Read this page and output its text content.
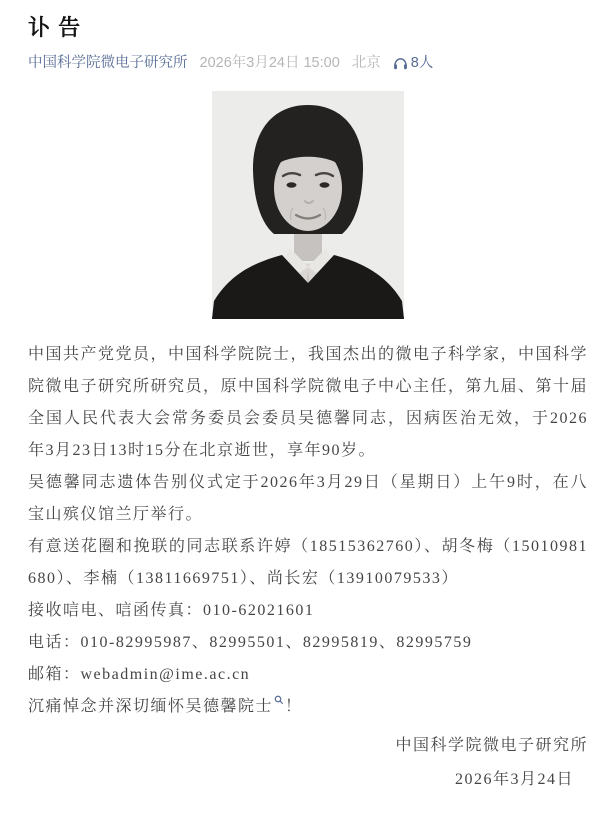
讣 告
中国科学院微电子研究所 2026年3月24日 15:00 北京 8人

中国共产党党员，中国科学院院士，我国杰出的微电子科学家，中国科学院微电子研究所研究员，原中国科学院微电子中心主任，第九届、第十届全国人民代表大会常务委员会委员吴德馨同志，因病医治无效，于2026年3月23日13时15分在北京逝世，享年90岁。

吴德馨同志遗体告别仪式定于2026年3月29日（星期日）上午9时，在八宝山殡仪馆兰厅举行。

有意送花圈和挽联的同志联系许婷（18515362760）、胡冬梅（15010981680）、李楠（13811669751）、尚长宏（13910079533）

接收唁电、唁函传真：010-62021601

电话：010-82995987、82995501、82995819、82995759

邮箱：webadmin@ime.ac.cn

沉痛悼念并深切缅怀吴德馨院士 ！

中国科学院微电子研究所

2026年3月24日
